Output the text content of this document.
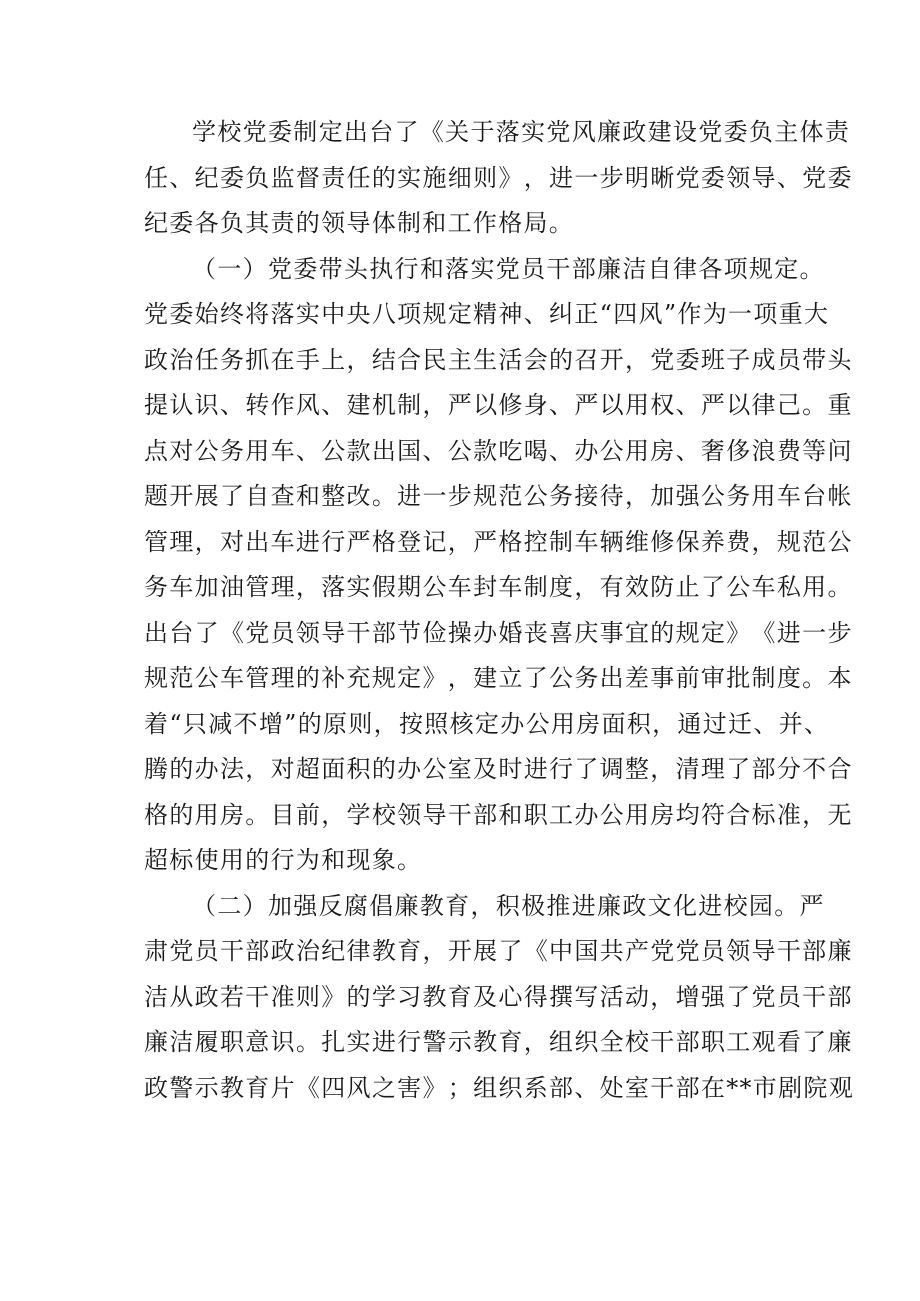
学 校 党 委 制 定 出 台 了 《 关 于 落 实 党 风 廉 政 建 设 党 委 负 主 体 责
任 、 纪 委 负 监 督 责 任 的 实 施 细 则 》 ， 进 一 步 明 晰 党 委 领 导 、 党 委
纪委各负其责的领导体制和工作格局。
（ 一 ） 党 委 带 头 执 行 和 落 实 党 员 干 部 廉 洁 自 律 各 项 规 定 。
党 委 始 终 将 落 实 中 央 八 项 规 定 精 神 、 纠 正 “ 四 风 ” 作 为 一 项 重 大
政 治 任 务 抓 在 手 上 ， 结 合 民 主 生 活 会 的 召 开 ， 党 委 班 子 成 员 带 头
提 认 识 、 转 作 风 、 建 机 制 ， 严 以 修 身 、 严 以 用 权 、 严 以 律 己 。 重
点 对 公 务 用 车 、 公 款 出 国 、 公 款 吃 喝 、 办 公 用 房 、 奢 侈 浪 费 等 问
题 开 展 了 自 查 和 整 改 。 进 一 步 规 范 公 务 接 待 ， 加 强 公 务 用 车 台 帐
管 理 ， 对 出 车 进 行 严 格 登 记 ， 严 格 控 制 车 辆 维 修 保 养 费 ， 规 范 公
务 车 加 油 管 理 ， 落 实 假 期 公 车 封 车 制 度 ， 有 效 防 止 了 公 车 私 用 。
出 台 了 《 党 员 领 导 干 部 节 俭 操 办 婚 丧 喜 庆 事 宜 的 规 定 》 《 进 一 步
规 范 公 车 管 理 的 补 充 规 定 》 ， 建 立 了 公 务 出 差 事 前 审 批 制 度 。 本
着 “ 只 减 不 增 ” 的 原 则 ， 按 照 核 定 办 公 用 房 面 积 ， 通 过 迁 、 并 、
腾 的 办 法 ， 对 超 面 积 的 办 公 室 及 时 进 行 了 调 整 ， 清 理 了 部 分 不 合
格 的 用 房 。 目 前 ， 学 校 领 导 干 部 和 职 工 办 公 用 房 均 符 合 标 准 ， 无
超标使用的行为和现象。
（ 二 ） 加 强 反 腐 倡 廉 教 育 ， 积 极 推 进 廉 政 文 化 进 校 园 。 严
肃 党 员 干 部 政 治 纪 律 教 育 ， 开 展 了 《 中 国 共 产 党 党 员 领 导 干 部 廉
洁 从 政 若 干 准 则 》 的 学 习 教 育 及 心 得 撰 写 活 动 ， 增 强 了 党 员 干 部
廉 洁 履 职 意 识 。 扎 实 进 行 警 示 教 育 ， 组 织 全 校 干 部 职 工 观 看 了 廉
政 警 示 教 育 片 《 四 风 之 害 》 ； 组 织 系 部 、 处 室 干 部 在 ** 市 剧 院 观
